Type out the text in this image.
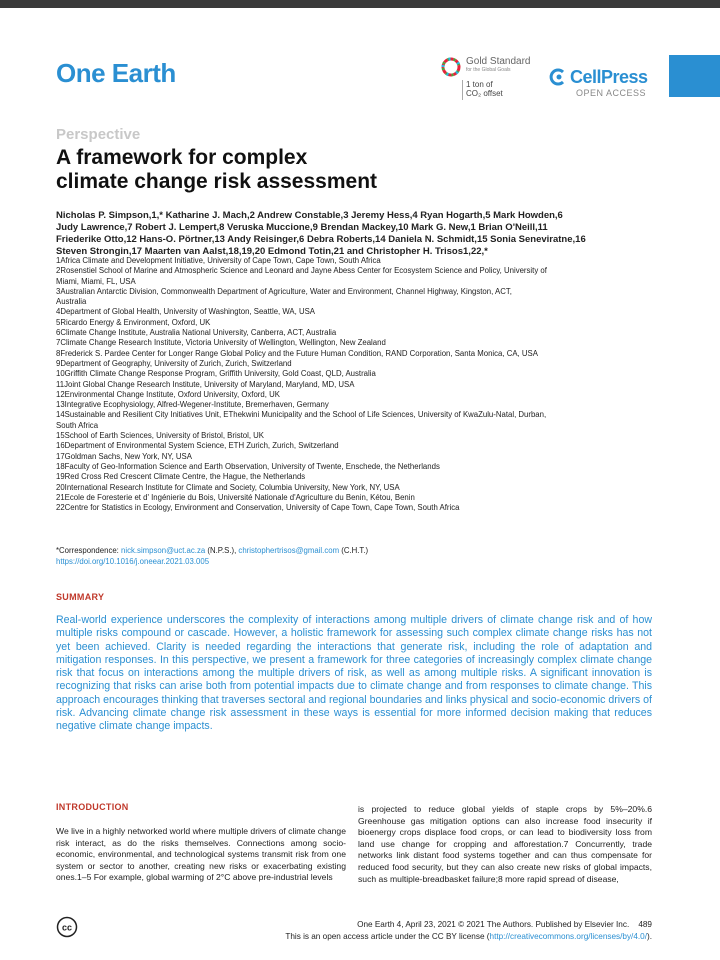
One Earth	Gold Standard
for the Global Goals
1 ton of
CO₂ offset
CellPress
OPEN ACCESS
Perspective
A framework for complex
climate change risk assessment
Nicholas P. Simpson,1,* Katharine J. Mach,2 Andrew Constable,3 Jeremy Hess,4 Ryan Hogarth,5 Mark Howden,6
Judy Lawrence,7 Robert J. Lempert,8 Veruska Muccione,9 Brendan Mackey,10 Mark G. New,1 Brian O'Neill,11
Friederike Otto,12 Hans-O. Pörtner,13 Andy Reisinger,6 Debra Roberts,14 Daniela N. Schmidt,15 Sonia Seneviratne,16
Steven Strongin,17 Maarten van Aalst,18,19,20 Edmond Totin,21 and Christopher H. Trisos1,22,*
1Africa Climate and Development Initiative, University of Cape Town, Cape Town, South Africa
2Rosenstiel School of Marine and Atmospheric Science and Leonard and Jayne Abess Center for Ecosystem Science and Policy, University of
Miami, Miami, FL, USA
3Australian Antarctic Division, Commonwealth Department of Agriculture, Water and Environment, Channel Highway, Kingston, ACT,
Australia
4Department of Global Health, University of Washington, Seattle, WA, USA
5Ricardo Energy & Environment, Oxford, UK
6Climate Change Institute, Australia National University, Canberra, ACT, Australia
7Climate Change Research Institute, Victoria University of Wellington, Wellington, New Zealand
8Frederick S. Pardee Center for Longer Range Global Policy and the Future Human Condition, RAND Corporation, Santa Monica, CA, USA
9Department of Geography, University of Zurich, Zurich, Switzerland
10Griffith Climate Change Response Program, Griffith University, Gold Coast, QLD, Australia
11Joint Global Change Research Institute, University of Maryland, Maryland, MD, USA
12Environmental Change Institute, Oxford University, Oxford, UK
13Integrative Ecophysiology, Alfred-Wegener-Institute, Bremerhaven, Germany
14Sustainable and Resilient City Initiatives Unit, EThekwini Municipality and the School of Life Sciences, University of KwaZulu-Natal, Durban,
South Africa
15School of Earth Sciences, University of Bristol, Bristol, UK
16Department of Environmental System Science, ETH Zurich, Zurich, Switzerland
17Goldman Sachs, New York, NY, USA
18Faculty of Geo-Information Science and Earth Observation, University of Twente, Enschede, the Netherlands
19Red Cross Red Crescent Climate Centre, the Hague, the Netherlands
20International Research Institute for Climate and Society, Columbia University, New York, NY, USA
21Ecole de Foresterie et d' Ingénierie du Bois, Université Nationale d'Agriculture du Benin, Kétou, Benin
22Centre for Statistics in Ecology, Environment and Conservation, University of Cape Town, Cape Town, South Africa
*Correspondence: nick.simpson@uct.ac.za (N.P.S.), christophertrisos@gmail.com (C.H.T.)
https://doi.org/10.1016/j.oneear.2021.03.005
SUMMARY
Real-world experience underscores the complexity of interactions among multiple drivers of climate change risk and of how multiple risks compound or cascade. However, a holistic framework for assessing such complex climate change risks has not yet been achieved. Clarity is needed regarding the interactions that generate risk, including the role of adaptation and mitigation responses. In this perspective, we present a framework for three categories of increasingly complex climate change risk that focus on interactions among the multiple drivers of risk, as well as among multiple risks. A significant innovation is recognizing that risks can arise both from potential impacts due to climate change and from responses to climate change. This approach encourages thinking that traverses sectoral and regional boundaries and links physical and socio-economic drivers of risk. Advancing climate change risk assessment in these ways is essential for more informed decision making that reduces negative climate change impacts.
INTRODUCTION
We live in a highly networked world where multiple drivers of climate change risk interact, as do the risks themselves. Connections among socio-economic, environmental, and technological systems transmit risk from one system or sector to another, creating new risks or exacerbating existing ones.1–5 For example, global warming of 2°C above pre-industrial levels
is projected to reduce global yields of staple crops by 5%–20%.6 Greenhouse gas mitigation options can also increase food insecurity if bioenergy crops displace food crops, or can lead to biodiversity loss from land use change for cropping and afforestation.7 Concurrently, trade networks link distant food systems together and can thus compensate for reduced food security, but they can also create new risks of global impacts, such as multiple-breadbasket failure;8 more rapid spread of disease,
cc	One Earth 4, April 23, 2021 © 2021 The Authors. Published by Elsevier Inc. 489
This is an open access article under the CC BY license (http://creativecommons.org/licenses/by/4.0/).
